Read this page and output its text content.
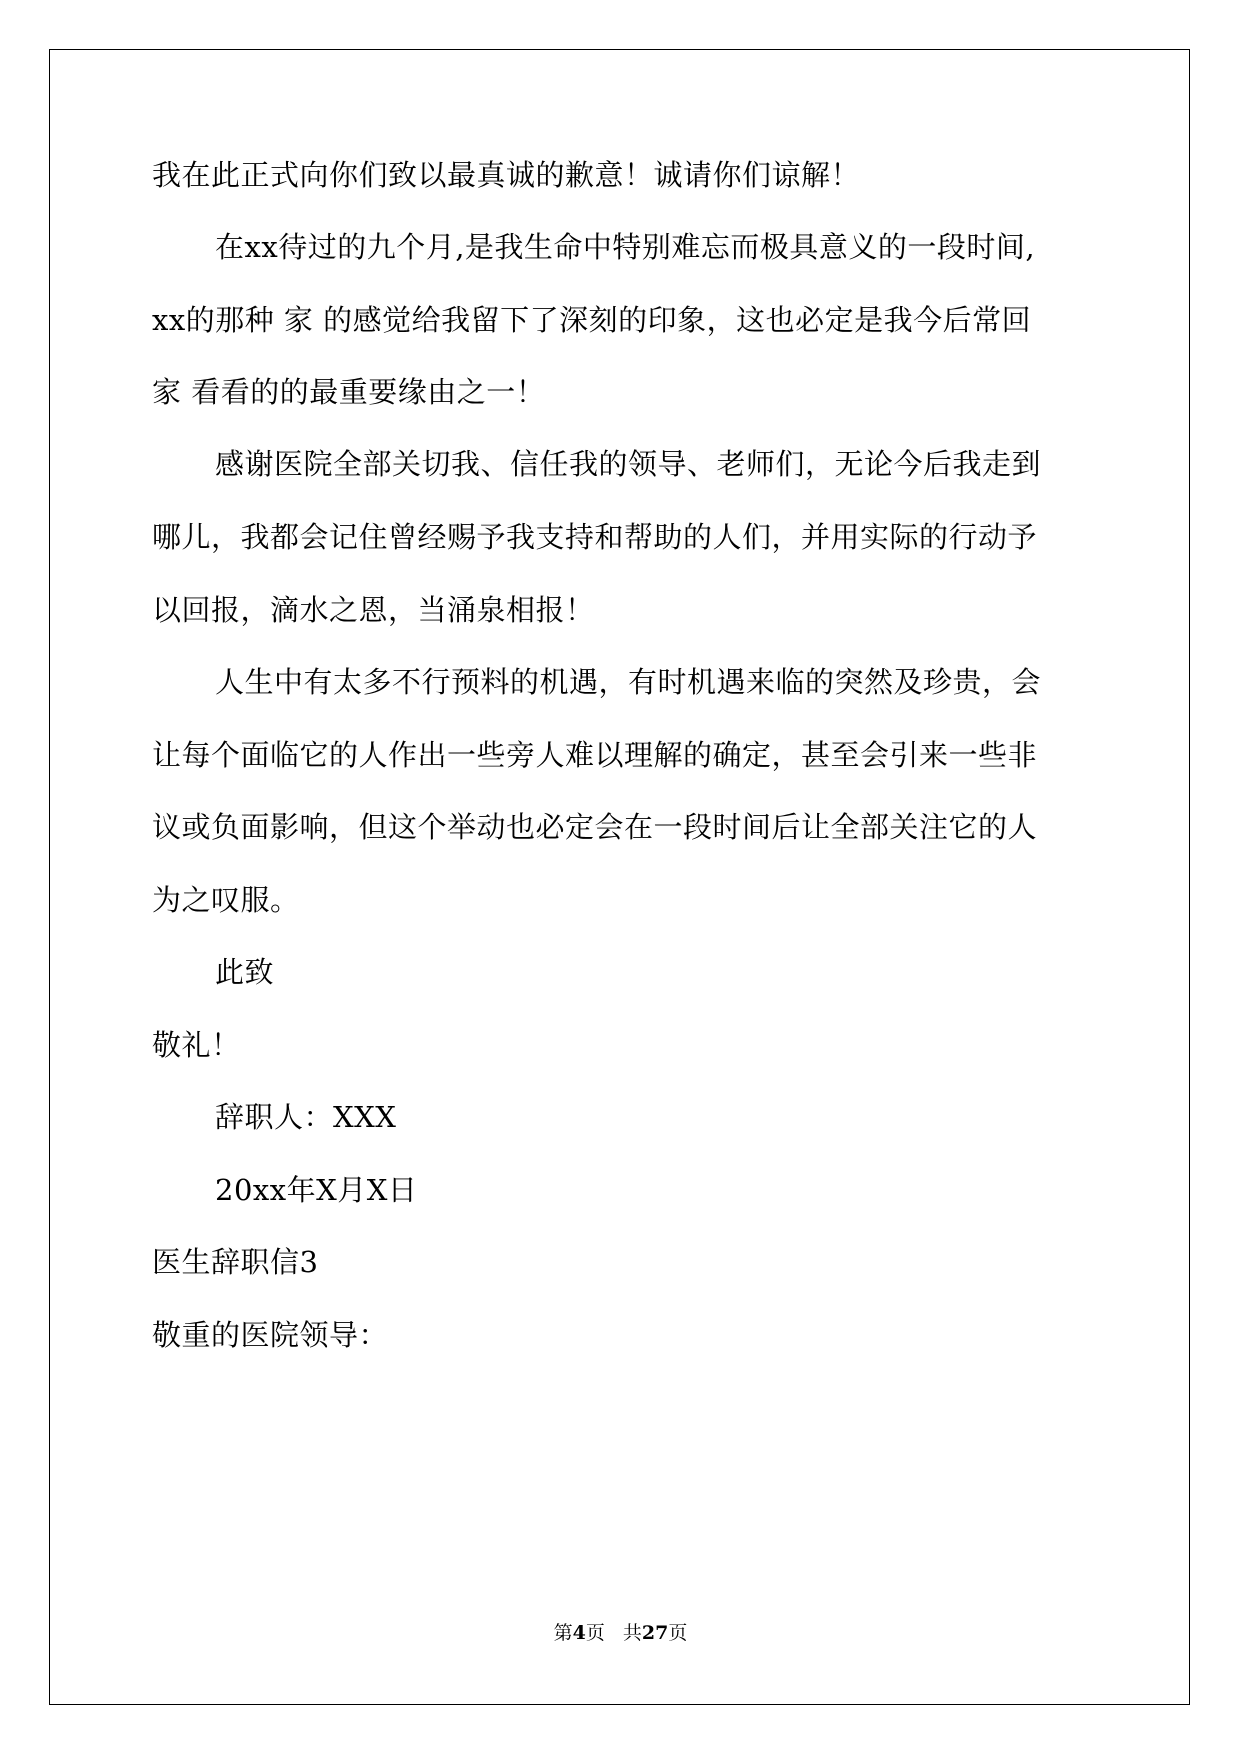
我在此正式向你们致以最真诚的歉意！诚请你们谅解！
在xx待过的九个月,是我生命中特别难忘而极具意义的一段时间,
xx的那种 家 的感觉给我留下了深刻的印象，这也必定是我今后常回
家 看看的的最重要缘由之一！
感谢医院全部关切我、信任我的领导、老师们，无论今后我走到
哪儿，我都会记住曾经赐予我支持和帮助的人们，并用实际的行动予
以回报，滴水之恩，当涌泉相报！
人生中有太多不行预料的机遇，有时机遇来临的突然及珍贵，会
让每个面临它的人作出一些旁人难以理解的确定，甚至会引来一些非
议或负面影响，但这个举动也必定会在一段时间后让全部关注它的人
为之叹服。
此致
敬礼！
辞职人：XXX
20xx年X月X日
医生辞职信3
敬重的医院领导：
第4页 共27页
